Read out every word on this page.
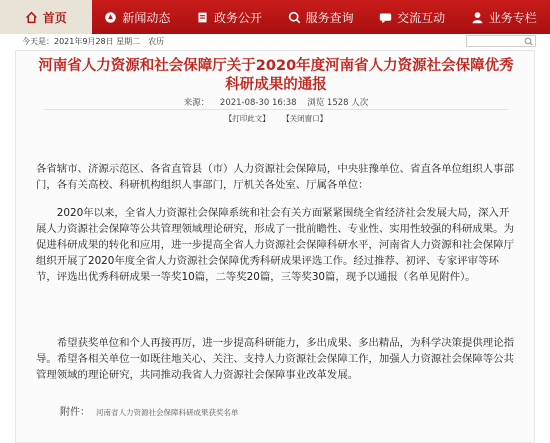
首页	新闻动态	政务公开	服务查询	交流互动	业务专栏
今天是：2021年9月28日 星期二 农历
河南省人力资源和社会保障厅关于2020年度河南省人力资源社会保障优秀科研成果的通报
来源： 2021-08-30 16:38 浏览 1528 人次
【打印此文】 【关闭窗口】

各省辖市、济源示范区、各省直管县（市）人力资源社会保障局，中央驻豫单位、省直各单位组织人事部门，各有关高校、科研机构组织人事部门，厅机关各处室、厅属各单位：

2020年以来，全省人力资源社会保障系统和社会有关方面紧紧围绕全省经济社会发展大局，深入开展人力资源社会保障等公共管理领域理论研究，形成了一批前瞻性、专业性、实用性较强的科研成果。为促进科研成果的转化和应用，进一步提高全省人力资源社会保障科研水平，河南省人力资源和社会保障厅组织开展了2020年度全省人力资源社会保障优秀科研成果评选工作。经过推荐、初评、专家评审等环节，评选出优秀科研成果一等奖10篇，二等奖20篇，三等奖30篇，现予以通报（名单见附件）。

希望获奖单位和个人再接再厉，进一步提高科研能力，多出成果、多出精品，为科学决策提供理论指导。希望各相关单位一如既往地关心、关注、支持人力资源社会保障工作，加强人力资源社会保障等公共管理领域的理论研究，共同推动我省人力资源社会保障事业改革发展。

附件： 河南省人力资源社会保障科研成果获奖名单
